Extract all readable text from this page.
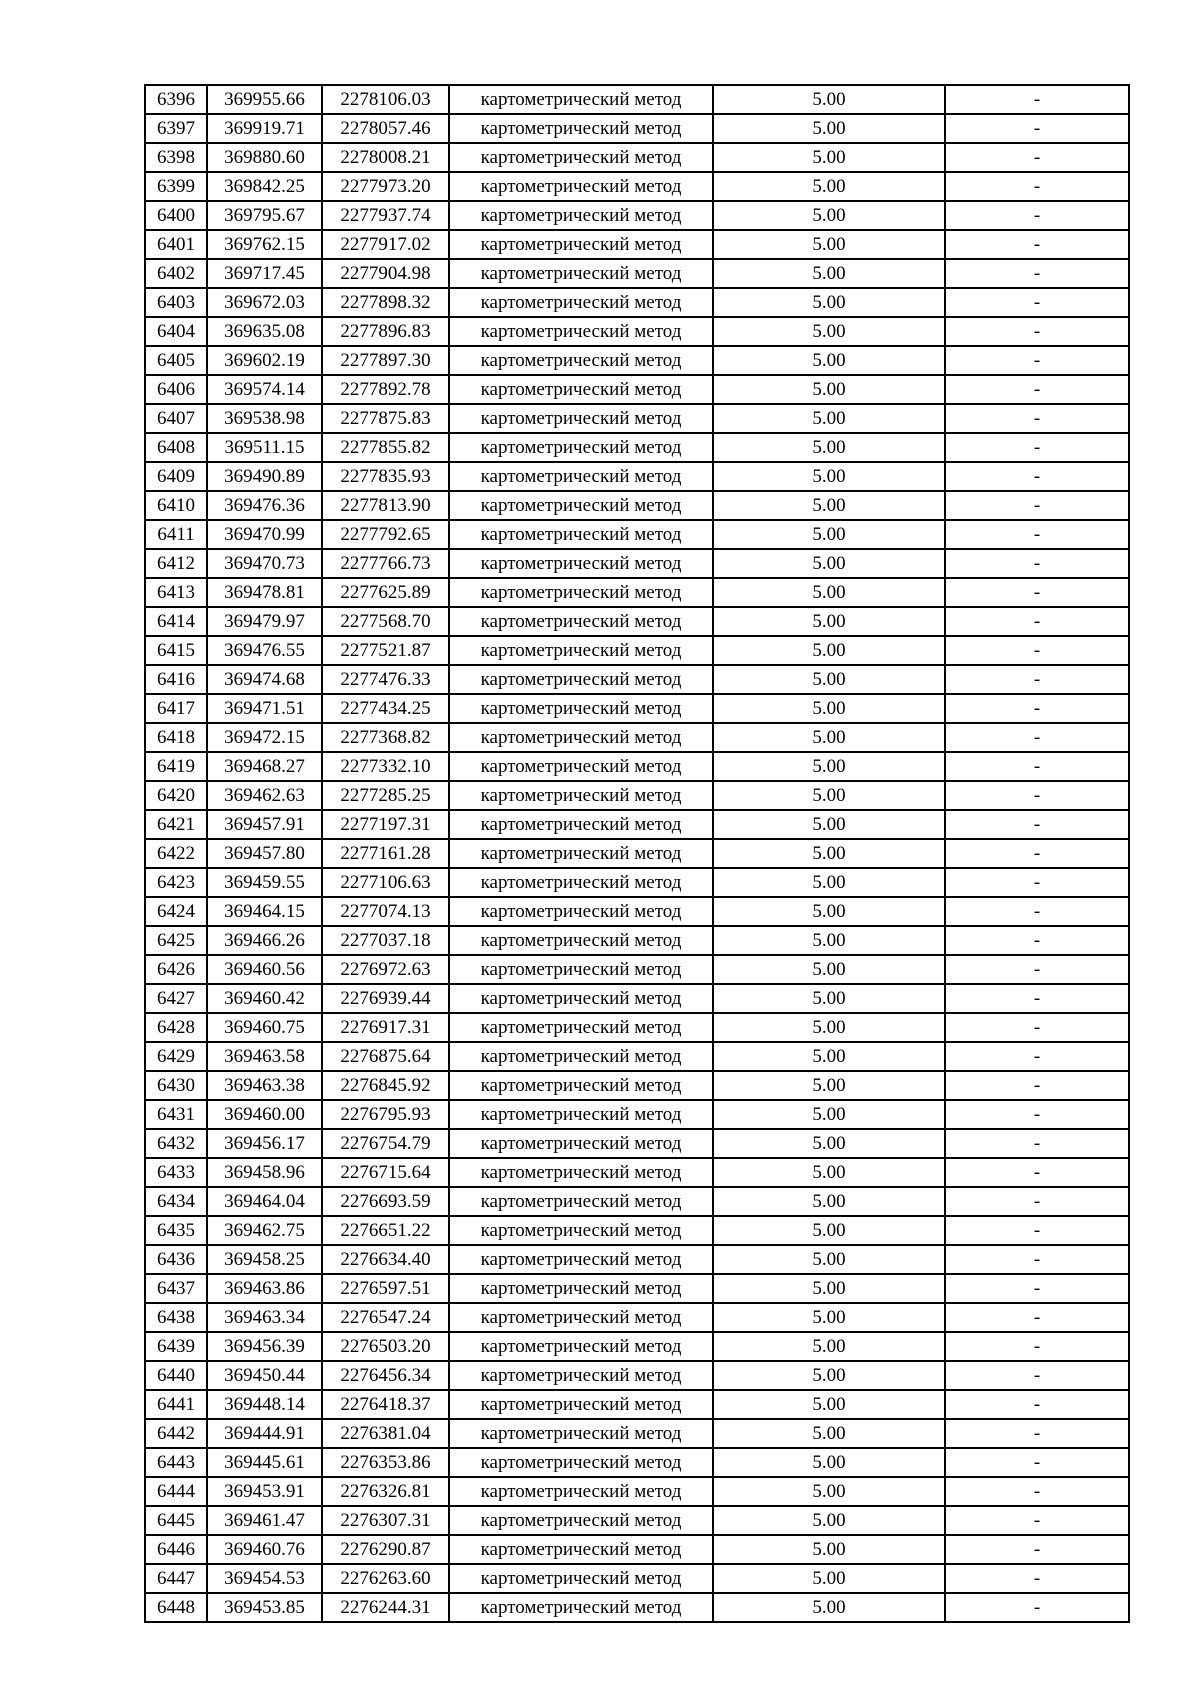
6396	369955.66	2278106.03	картометрический метод	5.00	-
6397	369919.71	2278057.46	картометрический метод	5.00	-
6398	369880.60	2278008.21	картометрический метод	5.00	-
6399	369842.25	2277973.20	картометрический метод	5.00	-
6400	369795.67	2277937.74	картометрический метод	5.00	-
6401	369762.15	2277917.02	картометрический метод	5.00	-
6402	369717.45	2277904.98	картометрический метод	5.00	-
6403	369672.03	2277898.32	картометрический метод	5.00	-
6404	369635.08	2277896.83	картометрический метод	5.00	-
6405	369602.19	2277897.30	картометрический метод	5.00	-
6406	369574.14	2277892.78	картометрический метод	5.00	-
6407	369538.98	2277875.83	картометрический метод	5.00	-
6408	369511.15	2277855.82	картометрический метод	5.00	-
6409	369490.89	2277835.93	картометрический метод	5.00	-
6410	369476.36	2277813.90	картометрический метод	5.00	-
6411	369470.99	2277792.65	картометрический метод	5.00	-
6412	369470.73	2277766.73	картометрический метод	5.00	-
6413	369478.81	2277625.89	картометрический метод	5.00	-
6414	369479.97	2277568.70	картометрический метод	5.00	-
6415	369476.55	2277521.87	картометрический метод	5.00	-
6416	369474.68	2277476.33	картометрический метод	5.00	-
6417	369471.51	2277434.25	картометрический метод	5.00	-
6418	369472.15	2277368.82	картометрический метод	5.00	-
6419	369468.27	2277332.10	картометрический метод	5.00	-
6420	369462.63	2277285.25	картометрический метод	5.00	-
6421	369457.91	2277197.31	картометрический метод	5.00	-
6422	369457.80	2277161.28	картометрический метод	5.00	-
6423	369459.55	2277106.63	картометрический метод	5.00	-
6424	369464.15	2277074.13	картометрический метод	5.00	-
6425	369466.26	2277037.18	картометрический метод	5.00	-
6426	369460.56	2276972.63	картометрический метод	5.00	-
6427	369460.42	2276939.44	картометрический метод	5.00	-
6428	369460.75	2276917.31	картометрический метод	5.00	-
6429	369463.58	2276875.64	картометрический метод	5.00	-
6430	369463.38	2276845.92	картометрический метод	5.00	-
6431	369460.00	2276795.93	картометрический метод	5.00	-
6432	369456.17	2276754.79	картометрический метод	5.00	-
6433	369458.96	2276715.64	картометрический метод	5.00	-
6434	369464.04	2276693.59	картометрический метод	5.00	-
6435	369462.75	2276651.22	картометрический метод	5.00	-
6436	369458.25	2276634.40	картометрический метод	5.00	-
6437	369463.86	2276597.51	картометрический метод	5.00	-
6438	369463.34	2276547.24	картометрический метод	5.00	-
6439	369456.39	2276503.20	картометрический метод	5.00	-
6440	369450.44	2276456.34	картометрический метод	5.00	-
6441	369448.14	2276418.37	картометрический метод	5.00	-
6442	369444.91	2276381.04	картометрический метод	5.00	-
6443	369445.61	2276353.86	картометрический метод	5.00	-
6444	369453.91	2276326.81	картометрический метод	5.00	-
6445	369461.47	2276307.31	картометрический метод	5.00	-
6446	369460.76	2276290.87	картометрический метод	5.00	-
6447	369454.53	2276263.60	картометрический метод	5.00	-
6448	369453.85	2276244.31	картометрический метод	5.00	-
